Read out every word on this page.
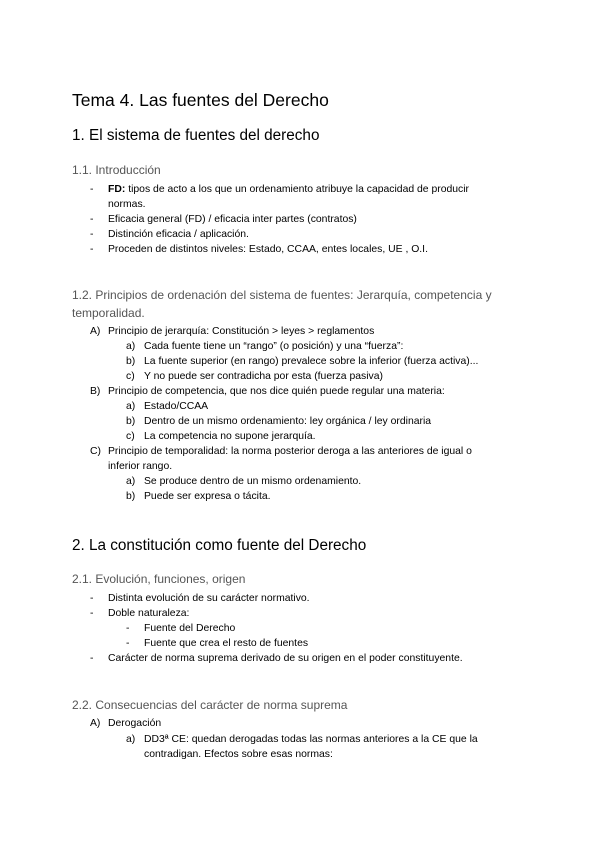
Tema 4. Las fuentes del Derecho
1. El sistema de fuentes del derecho
1.1. Introducción
- FD: tipos de acto a los que un ordenamiento atribuye la capacidad de producir
normas.
- Eficacia general (FD) / eficacia inter partes (contratos)
- Distinción eficacia / aplicación.
- Proceden de distintos niveles: Estado, CCAA, entes locales, UE , O.I.
1.2. Principios de ordenación del sistema de fuentes: Jerarquía, competencia y
temporalidad.
A) Principio de jerarquía: Constitución > leyes > reglamentos
a) Cada fuente tiene un “rango” (o posición) y una “fuerza”:
b) La fuente superior (en rango) prevalece sobre la inferior (fuerza activa)...
c) Y no puede ser contradicha por esta (fuerza pasiva)
B) Principio de competencia, que nos dice quién puede regular una materia:
a) Estado/CCAA
b) Dentro de un mismo ordenamiento: ley orgánica / ley ordinaria
c) La competencia no supone jerarquía.
C) Principio de temporalidad: la norma posterior deroga a las anteriores de igual o
inferior rango.
a) Se produce dentro de un mismo ordenamiento.
b) Puede ser expresa o tácita.
2. La constitución como fuente del Derecho
2.1. Evolución, funciones, origen
- Distinta evolución de su carácter normativo.
- Doble naturaleza:
- Fuente del Derecho
- Fuente que crea el resto de fuentes
- Carácter de norma suprema derivado de su origen en el poder constituyente.
2.2. Consecuencias del carácter de norma suprema
A) Derogación
a) DD3ª CE: quedan derogadas todas las normas anteriores a la CE que la
contradigan. Efectos sobre esas normas:
